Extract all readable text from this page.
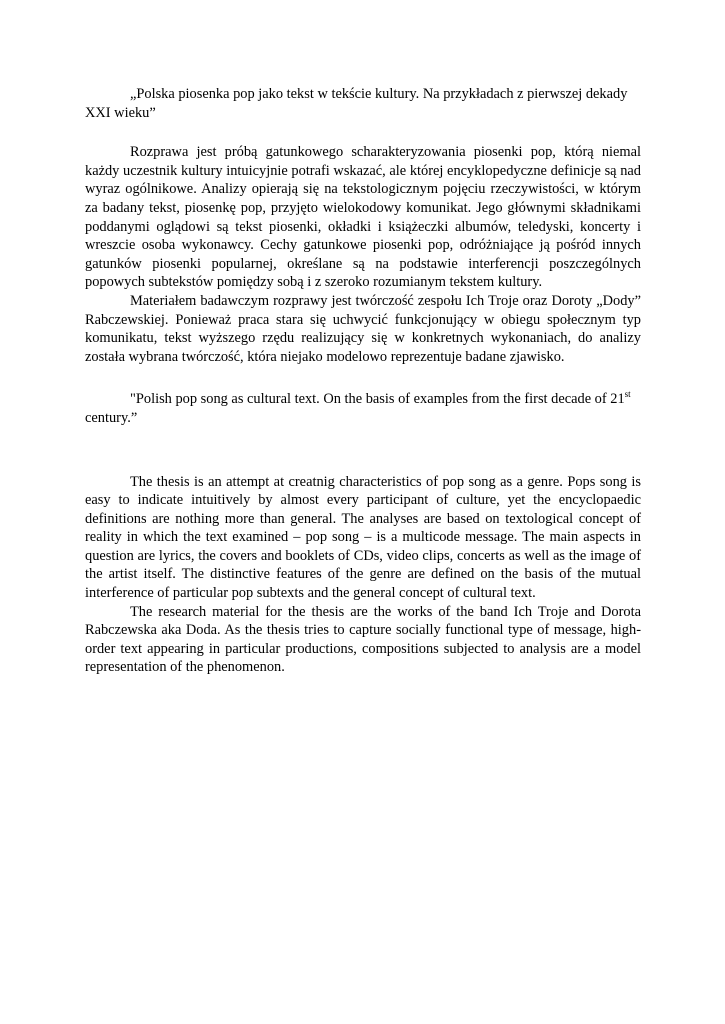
„Polska piosenka pop jako tekst w tekście kultury. Na przykładach z pierwszej dekady XXI wieku”

Rozprawa jest próbą gatunkowego scharakteryzowania piosenki pop, którą niemal każdy uczestnik kultury intuicyjnie potrafi wskazać, ale której encyklopedyczne definicje są nad wyraz ogólnikowe. Analizy opierają się na tekstologicznym pojęciu rzeczywistości, w którym za badany tekst, piosenkę pop, przyjęto wielokodowy komunikat. Jego głównymi składnikami poddanymi oglądowi są tekst piosenki, okładki i książeczki albumów, teledyski, koncerty i wreszcie osoba wykonawcy. Cechy gatunkowe piosenki pop, odróżniające ją pośród innych gatunków piosenki popularnej, określane są na podstawie interferencji poszczególnych popowych subtekstów pomiędzy sobą i z szeroko rozumianym tekstem kultury.

Materiałem badawczym rozprawy jest twórczość zespołu Ich Troje oraz Doroty „Dody” Rabczewskiej. Ponieważ praca stara się uchwycić funkcjonujący w obiegu społecznym typ komunikatu, tekst wyższego rzędu realizujący się w konkretnych wykonaniach, do analizy została wybrana twórczość, która niejako modelowo reprezentuje badane zjawisko.

"Polish pop song as cultural text. On the basis of examples from the first decade of 21st century.”

The thesis is an attempt at creatnig characteristics of pop song as a genre. Pops song is easy to indicate intuitively by almost every participant of culture, yet the encyclopaedic definitions are nothing more than general. The analyses are based on textological concept of reality in which the text examined – pop song – is a multicode message. The main aspects in question are lyrics, the covers and booklets of CDs, video clips, concerts as well as the image of the artist itself. The distinctive features of the genre are defined on the basis of the mutual interference of particular pop subtexts and the general concept of cultural text.

The research material for the thesis are the works of the band Ich Troje and Dorota Rabczewska aka Doda. As the thesis tries to capture socially functional type of message, high-order text appearing in particular productions, compositions subjected to analysis are a model representation of the phenomenon.
